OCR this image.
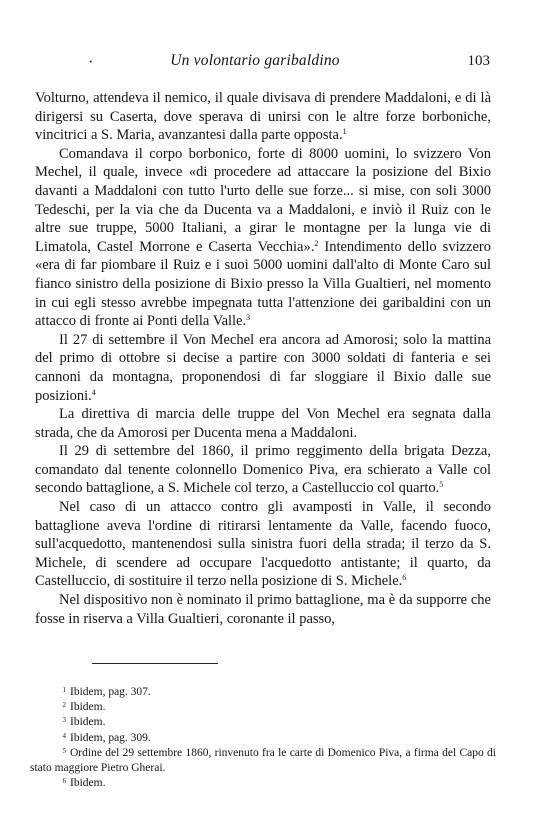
·	Un volontario garibaldino	103

Volturno, attendeva il nemico, il quale divisava di prendere Maddaloni, e di là dirigersi su Caserta, dove sperava di unirsi con le altre forze borboniche, vincitrici a S. Maria, avanzantesi dalla parte opposta.$^1$

Comandava il corpo borbonico, forte di 8000 uomini, lo svizzero Von Mechel, il quale, invece «di procedere ad attaccare la posizione del Bixio davanti a Maddaloni con tutto l'urto delle sue forze... si mise, con soli 3000 Tedeschi, per la via che da Ducenta va a Maddaloni, e inviò il Ruiz con le altre sue truppe, 5000 Italiani, a girar le montagne per la lunga vie di Limatola, Castel Morrone e Caserta Vecchia».$^2$ Intendimento dello svizzero «era di far piombare il Ruiz e i suoi 5000 uomini dall'alto di Monte Caro sul fianco sinistro della posizione di Bixio presso la Villa Gualtieri, nel momento in cui egli stesso avrebbe impegnata tutta l'attenzione dei garibaldini con un attacco di fronte ai Ponti della Valle.$^3$

Il 27 di settembre il Von Mechel era ancora ad Amorosi; solo la mattina del primo di ottobre si decise a partire con 3000 soldati di fanteria e sei cannoni da montagna, proponendosi di far sloggiare il Bixio dalle sue posizioni.$^4$

La direttiva di marcia delle truppe del Von Mechel era segnata dalla strada, che da Amorosi per Ducenta mena a Maddaloni.

Il 29 di settembre del 1860, il primo reggimento della brigata Dezza, comandato dal tenente colonnello Domenico Piva, era schierato a Valle col secondo battaglione, a S. Michele col terzo, a Castelluccio col quarto.$^5$

Nel caso di un attacco contro gli avamposti in Valle, il secondo battaglione aveva l'ordine di ritirarsi lentamente da Valle, facendo fuoco, sull'acquedotto, mantenendosi sulla sinistra fuori della strada; il terzo da S. Michele, di scendere ad occupare l'acquedotto antistante; il quarto, da Castelluccio, di sostituire il terzo nella posizione di S. Michele.$^6$

Nel dispositivo non è nominato il primo battaglione, ma è da supporre che fosse in riserva a Villa Gualtieri, coronante il passo,

$^1$ Ibidem, pag. 307.
$^2$ Ibidem.
$^3$ Ibidem.
$^4$ Ibidem, pag. 309.
$^5$ Ordine del 29 settembre 1860, rinvenuto fra le carte di Domenico Piva, a firma del Capo di stato maggiore Pietro Gherai.
$^6$ Ibidem.
